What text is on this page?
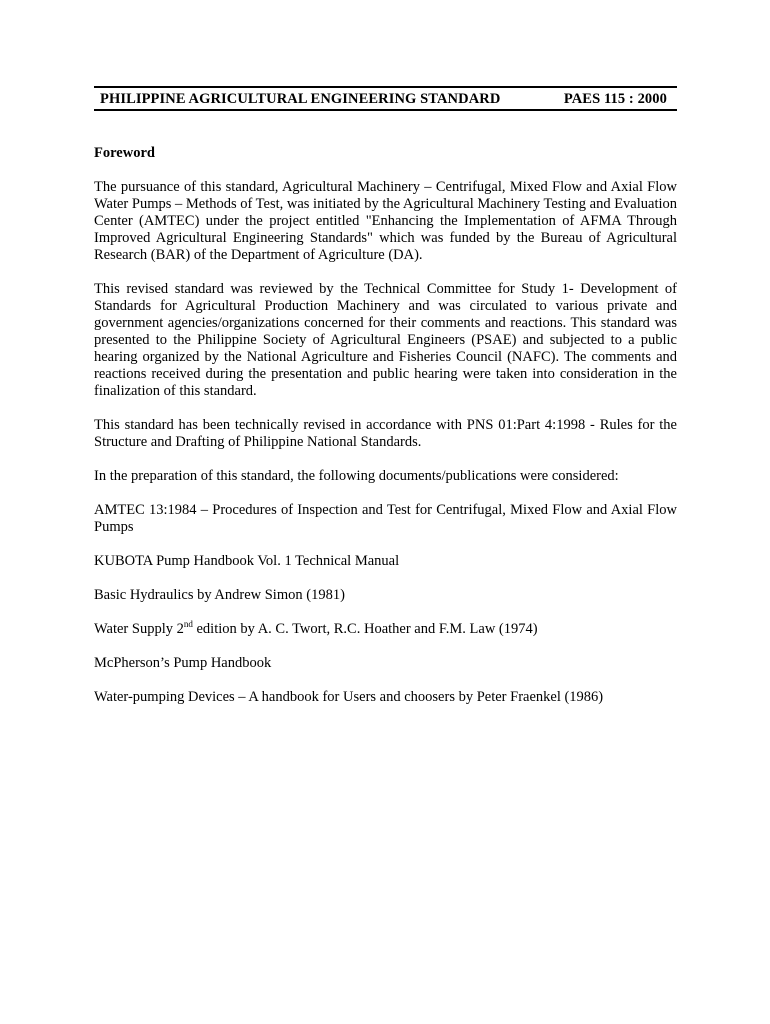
PHILIPPINE AGRICULTURAL ENGINEERING STANDARD	PAES 115 : 2000
Foreword

The pursuance of this standard, Agricultural Machinery – Centrifugal, Mixed Flow and Axial Flow Water Pumps – Methods of Test, was initiated by the Agricultural Machinery Testing and Evaluation Center (AMTEC) under the project entitled "Enhancing the Implementation of AFMA Through Improved Agricultural Engineering Standards" which was funded by the Bureau of Agricultural Research (BAR) of the Department of Agriculture (DA).

This revised standard was reviewed by the Technical Committee for Study 1- Development of Standards for Agricultural Production Machinery and was circulated to various private and government agencies/organizations concerned for their comments and reactions. This standard was presented to the Philippine Society of Agricultural Engineers (PSAE) and subjected to a public hearing organized by the National Agriculture and Fisheries Council (NAFC). The comments and reactions received during the presentation and public hearing were taken into consideration in the finalization of this standard.

This standard has been technically revised in accordance with PNS 01:Part 4:1998 - Rules for the Structure and Drafting of Philippine National Standards.

In the preparation of this standard, the following documents/publications were considered:

AMTEC 13:1984 – Procedures of Inspection and Test for Centrifugal, Mixed Flow and Axial Flow Pumps

KUBOTA Pump Handbook Vol. 1 Technical Manual

Basic Hydraulics by Andrew Simon (1981)

Water Supply 2nd edition by A. C. Twort, R.C. Hoather and F.M. Law (1974)

McPherson’s Pump Handbook

Water-pumping Devices – A handbook for Users and choosers by Peter Fraenkel (1986)
